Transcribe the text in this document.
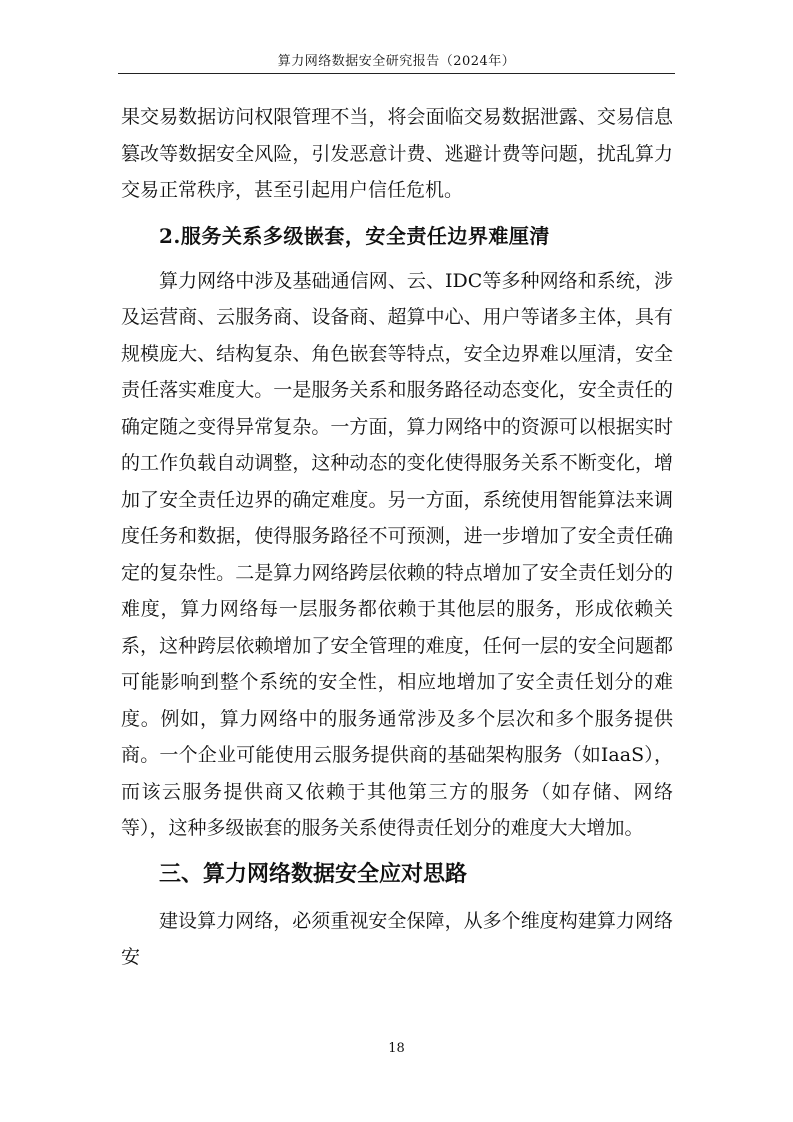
算力网络数据安全研究报告（2024年）

果交易数据访问权限管理不当，将会面临交易数据泄露、交易信息篡改等数据安全风险，引发恶意计费、逃避计费等问题，扰乱算力交易正常秩序，甚至引起用户信任危机。

2.服务关系多级嵌套，安全责任边界难厘清

算力网络中涉及基础通信网、云、IDC等多种网络和系统，涉及运营商、云服务商、设备商、超算中心、用户等诸多主体，具有规模庞大、结构复杂、角色嵌套等特点，安全边界难以厘清，安全责任落实难度大。一是服务关系和服务路径动态变化，安全责任的确定随之变得异常复杂。一方面，算力网络中的资源可以根据实时的工作负载自动调整，这种动态的变化使得服务关系不断变化，增加了安全责任边界的确定难度。另一方面，系统使用智能算法来调度任务和数据，使得服务路径不可预测，进一步增加了安全责任确定的复杂性。二是算力网络跨层依赖的特点增加了安全责任划分的难度，算力网络每一层服务都依赖于其他层的服务，形成依赖关系，这种跨层依赖增加了安全管理的难度，任何一层的安全问题都可能影响到整个系统的安全性，相应地增加了安全责任划分的难度。例如，算力网络中的服务通常涉及多个层次和多个服务提供商。一个企业可能使用云服务提供商的基础架构服务（如IaaS），而该云服务提供商又依赖于其他第三方的服务（如存储、网络等），这种多级嵌套的服务关系使得责任划分的难度大大增加。

三、算力网络数据安全应对思路

建设算力网络，必须重视安全保障，从多个维度构建算力网络安

18
